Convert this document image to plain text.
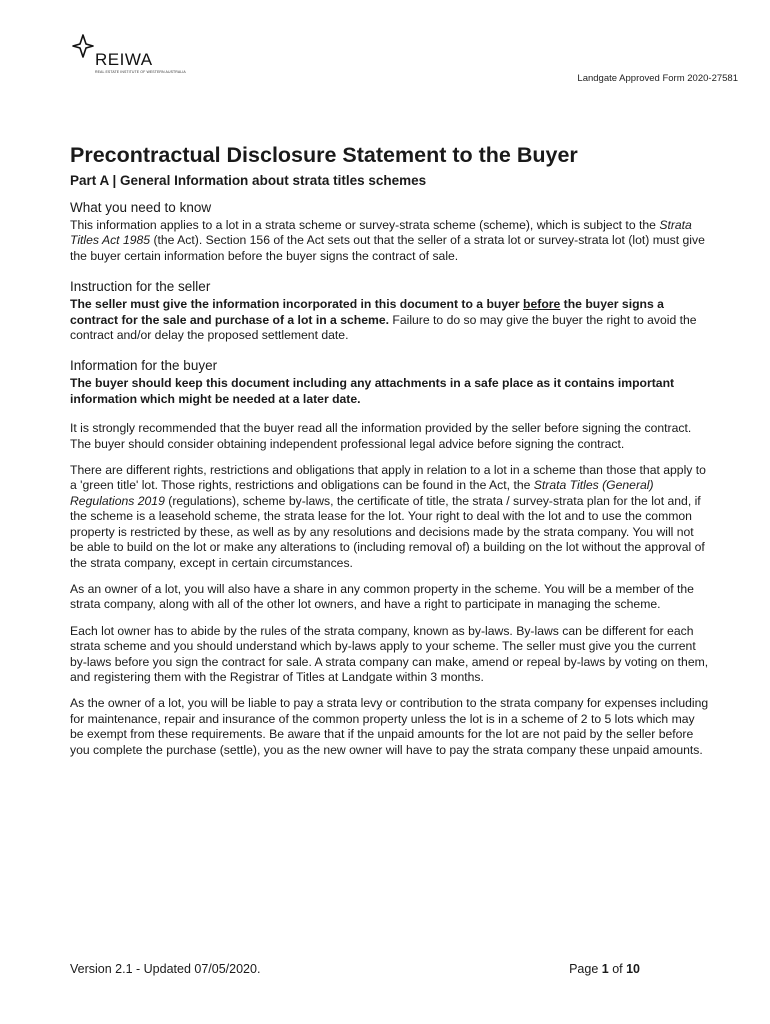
REIWA
REAL ESTATE INSTITUTE OF WESTERN AUSTRALIA
Landgate Approved Form 2020-27581
Precontractual Disclosure Statement to the Buyer
Part A | General Information about strata titles schemes
What you need to know

This information applies to a lot in a strata scheme or survey-strata scheme (scheme), which is subject to the Strata Titles Act 1985 (the Act). Section 156 of the Act sets out that the seller of a strata lot or survey-strata lot (lot) must give the buyer certain information before the buyer signs the contract of sale.

Instruction for the seller

The seller must give the information incorporated in this document to a buyer before the buyer signs a contract for the sale and purchase of a lot in a scheme. Failure to do so may give the buyer the right to avoid the contract and/or delay the proposed settlement date.

Information for the buyer

The buyer should keep this document including any attachments in a safe place as it contains important information which might be needed at a later date.

It is strongly recommended that the buyer read all the information provided by the seller before signing the contract. The buyer should consider obtaining independent professional legal advice before signing the contract.

There are different rights, restrictions and obligations that apply in relation to a lot in a scheme than those that apply to a 'green title' lot. Those rights, restrictions and obligations can be found in the Act, the Strata Titles (General) Regulations 2019 (regulations), scheme by-laws, the certificate of title, the strata / survey-strata plan for the lot and, if the scheme is a leasehold scheme, the strata lease for the lot. Your right to deal with the lot and to use the common property is restricted by these, as well as by any resolutions and decisions made by the strata company. You will not be able to build on the lot or make any alterations to (including removal of) a building on the lot without the approval of the strata company, except in certain circumstances.

As an owner of a lot, you will also have a share in any common property in the scheme. You will be a member of the strata company, along with all of the other lot owners, and have a right to participate in managing the scheme.

Each lot owner has to abide by the rules of the strata company, known as by-laws. By-laws can be different for each strata scheme and you should understand which by-laws apply to your scheme. The seller must give you the current by-laws before you sign the contract for sale. A strata company can make, amend or repeal by-laws by voting on them, and registering them with the Registrar of Titles at Landgate within 3 months.

As the owner of a lot, you will be liable to pay a strata levy or contribution to the strata company for expenses including for maintenance, repair and insurance of the common property unless the lot is in a scheme of 2 to 5 lots which may be exempt from these requirements. Be aware that if the unpaid amounts for the lot are not paid by the seller before you complete the purchase (settle), you as the new owner will have to pay the strata company these unpaid amounts.

Version 2.1 - Updated 07/05/2020.	Page 1 of 10
